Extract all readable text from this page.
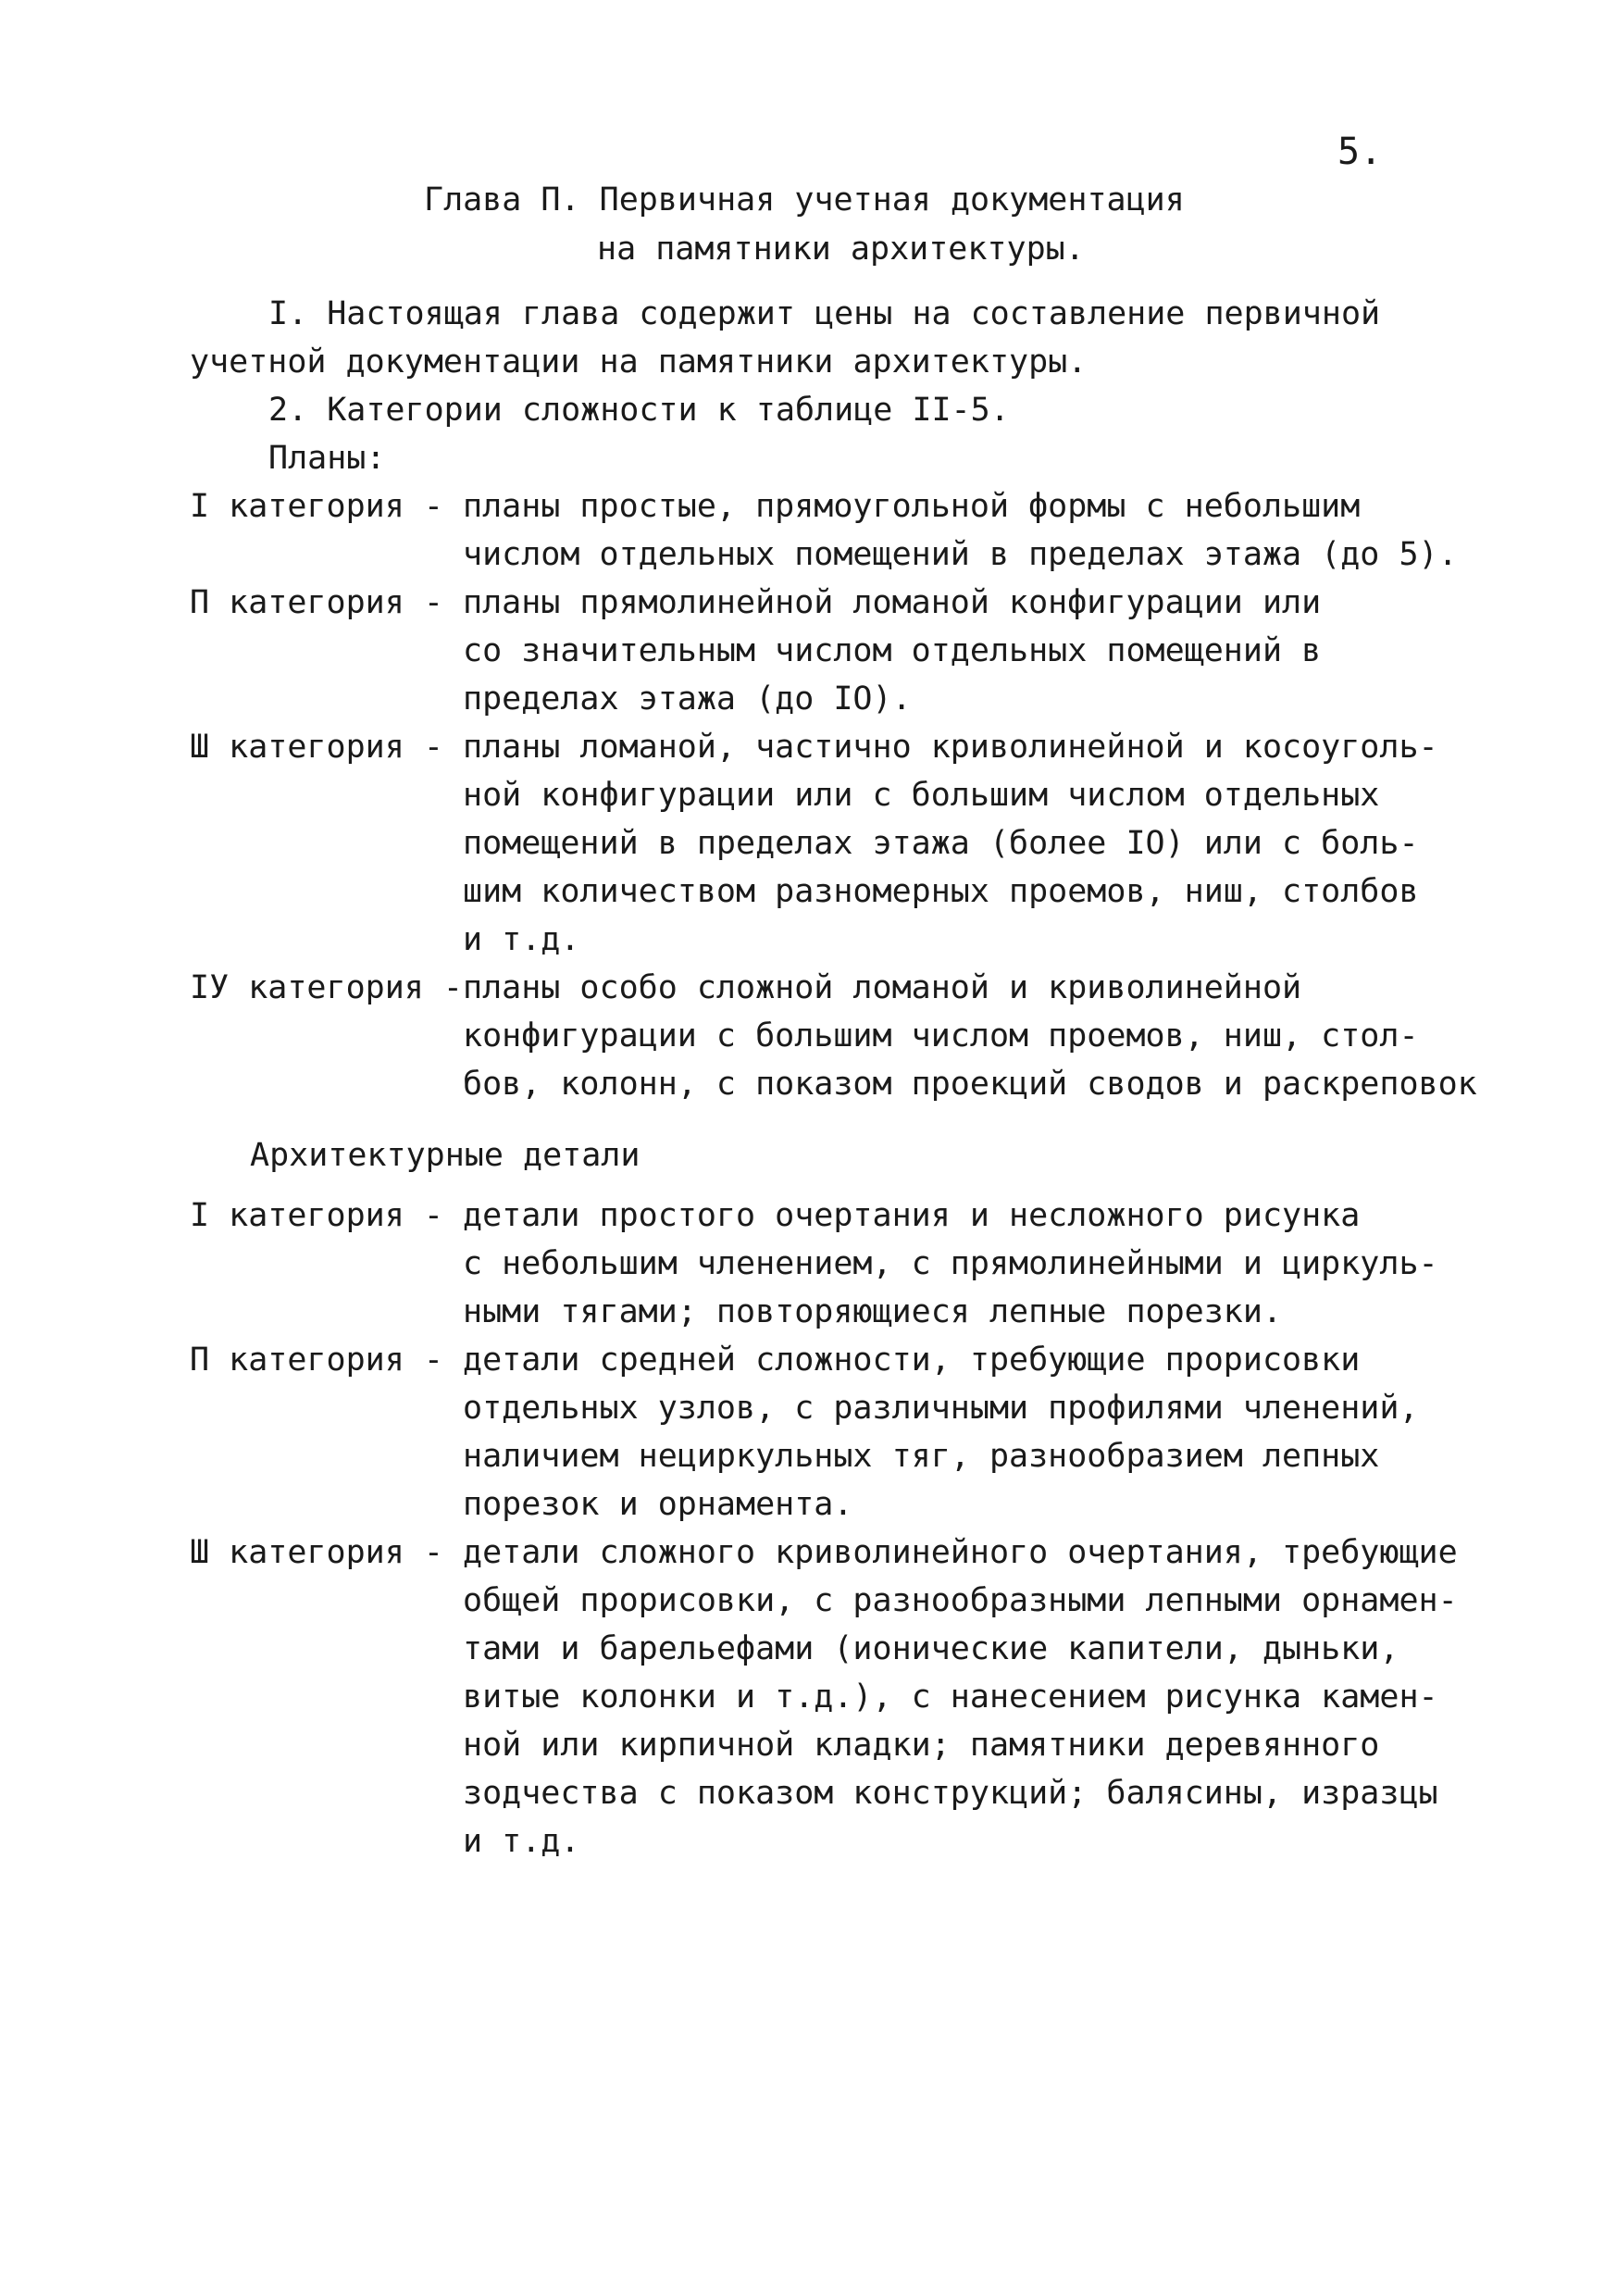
5.
Глава П. Первичная учетная документация
на памятники архитектуры.
I. Настоящая глава содержит цены на составление первичной
учетной документации на памятники архитектуры.
2. Категории сложности к таблице II-5.
Планы:
I категория - планы простые, прямоугольной формы с небольшим
числом отдельных помещений в пределах этажа (до 5).
П категория - планы прямолинейной ломаной конфигурации или
со значительным числом отдельных помещений в
пределах этажа (до IO).
Ш категория - планы ломаной, частично криволинейной и косоуголь-
ной конфигурации или с большим числом отдельных
помещений в пределах этажа (более IO) или с боль-
шим количеством разномерных проемов, ниш, столбов
и т.д.
IУ категория - планы особо сложной ломаной и криволинейной
конфигурации с большим числом проемов, ниш, стол-
бов, колонн, с показом проекций сводов и раскреповок
Архитектурные детали
I категория - детали простого очертания и несложного рисунка
с небольшим членением, с прямолинейными и циркуль-
ными тягами; повторяющиеся лепные порезки.
П категория - детали средней сложности, требующие прорисовки
отдельных узлов, с различными профилями членений,
наличием нециркульных тяг, разнообразием лепных
порезок и орнамента.
Ш категория - детали сложного криволинейного очертания, требующие
общей прорисовки, с разнообразными лепными орнамен-
тами и барельефами (ионические капители, дыньки,
витые колонки и т.д.), с нанесением рисунка камен-
ной или кирпичной кладки; памятники деревянного
зодчества с показом конструкций; балясины, изразцы
и т.д.
